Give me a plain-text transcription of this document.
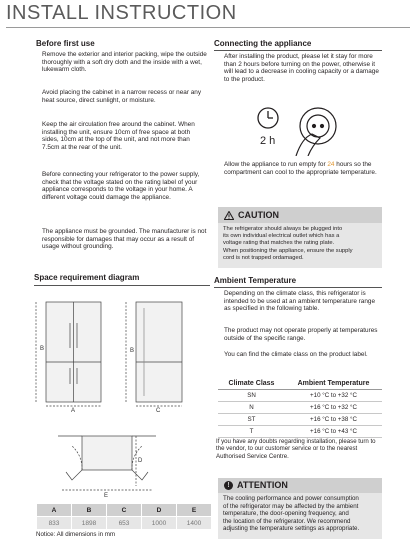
INSTALL INSTRUCTION
Before first use
Remove the exterior and interior packing, wipe the outside thoroughly with a soft dry cloth and the inside with a wet, lukewarm cloth.
Avoid placing the cabinet in a narrow recess or near any heat source, direct sunlight, or moisture.
Keep the air circulation free around the cabinet. When installing the unit, ensure 10cm of free space at both sides, 10cm at the top of the unit, and not more than 7.5cm at the rear of the unit.
Before connecting your refrigerator to the power supply, check that the voltage stated on the rating label of your appliance corresponds to the voltage in your home. A different voltage could damage the appliance.
The appliance must be grounded. The manufacturer is not responsible for damages that may occur as a result of usage without grounding.
Space requirement diagram
B
A
B
C
D
E
A	B	C	D	E
833	1898	653	1000	1400
Notice: All dimensions in mm
Connecting the appliance
After installing the product, please let it stay for more than 2 hours before turning on the power, otherwise it will lead to a decrease in cooling capacity or a damage to the product.
2 h
Allow the appliance to run empty for 24 hours so the compartment can cool to the appropriate temperature.
CAUTION
The refrigerator should always be plugged into
its own individual electrical outlet which has a
voltage rating that matches the rating plate.
When positioning the appliance, ensure the supply
cord is not trapped ordamaged.
Ambient Temperature
Depending on the climate class, this refrigerator is intended to be used at an ambient temperature range as specified in the following table.
The product may not operate properly at temperatures outside of the specific range.
You can find the climate class on the product label.
Climate Class	Ambient Temperature
SN	+10 °C to +32 °C
N	+16 °C to +32 °C
ST	+16 °C to +38 °C
T	+16 °C to +43 °C
If you have any doubts regarding installation, please turn to the vendor, to our customer service or to the nearest Authorised Service Centre.
! ATTENTION
The cooling performance and power consumption
of the refrigerator may be affected by the ambient
temperature, the door-opening frequency, and
the location of the refrigerator. We recommend
adjusting the temperature settings as appropriate.
